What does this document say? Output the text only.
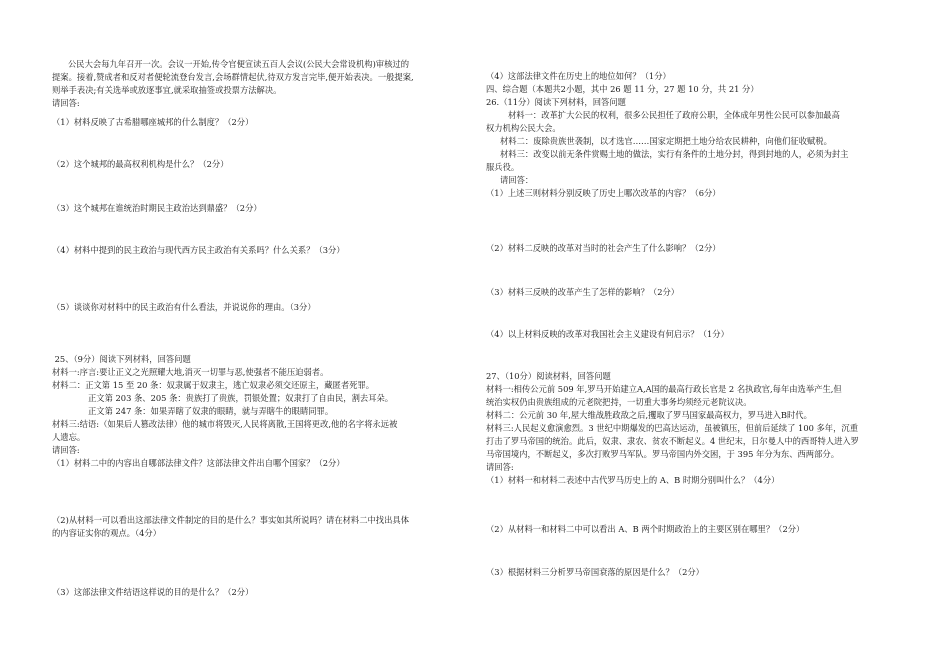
公民大会每九年召开一次。会议一开始,传令官便宣读五百人会议(公民大会常设机构)审核过的
提案。接着,赞成者和反对者便轮流登台发言,会场群情起伏,待双方发言完毕,便开始表决。一般提案,
则举手表决;有关选举或放逐事宜,就采取抽签或投票方法解决。
请回答:
（1）材料反映了古希腊哪座城邦的什么制度？（2分）
（2）这个城邦的最高权利机构是什么？（2分）
（3）这个城邦在谁统治时期民主政治达到鼎盛？（2分）
（4）材料中提到的民主政治与现代西方民主政治有关系吗？什么关系？（3分）
（5）谈谈你对材料中的民主政治有什么看法，并说说你的理由。（3分）
25、（9分）阅读下列材料，回答问题
材料一:序言:要让正义之光照耀大地,消灭一切罪与恶,使强者不能压迫弱者。
材料二：正文第 15 至 20 条：奴隶属于奴隶主，逃亡奴隶必须交还原主，藏匿者死罪。
正文第 203 条、205 条：贵族打了贵族，罚银处置；奴隶打了自由民，割去耳朵。
正文第 247 条：如果弄瞎了奴隶的眼睛，就与弄瞎牛的眼睛同罪。
材料三:结语:（如果后人篡改法律）他的城市将毁灭,人民将离散,王国将更改,他的名字将永远被
人遗忘。
请回答:
（1）材料二中的内容出自哪部法律文件？这部法律文件出自哪个国家？（2分）
（2)从材料一可以看出这部法律文件制定的目的是什么？事实如其所说吗？请在材料二中找出具体
的内容证实你的观点。（4分）
（3）这部法律文件结语这样说的目的是什么？（2分）
（4）这部法律文件在历史上的地位如何？（1分）
四、综合题（本题共2小题，其中 26 题 11 分，27 题 10 分，共 21 分）
26.（11分）阅读下列材料，回答问题
材料一：改革扩大公民的权利，很多公民担任了政府公职，全体成年男性公民可以参加最高
权力机构公民大会。
材料二：废除贵族世袭制，以才选官……国家定期把土地分给农民耕种，向他们征收赋税。
材料三：改变以前无条件赏赐土地的做法，实行有条件的土地分封，得到封地的人，必须为封主
服兵役。
请回答：
（1）上述三则材料分别反映了历史上哪次改革的内容？（6分）
（2）材料二反映的改革对当时的社会产生了什么影响？（2分）
（3）材料三反映的改革产生了怎样的影响？（2分）
（4）以上材料反映的改革对我国社会主义建设有何启示？（1分）
27、（10分）阅读材料，回答问题
材料一:相传公元前 509 年,罗马开始建立A,A国的最高行政长官是 2 名执政官,每年由选举产生,但
统治实权仍由贵族组成的元老院把持，一切重大事务均须经元老院议决。
材料二：公元前 30 年,屋大维战胜政敌之后,攫取了罗马国家最高权力，罗马进入B时代。
材料三:人民起义愈演愈烈。3 世纪中期爆发的巴高达运动，虽被镇压，但前后延续了 100 多年，沉重
打击了罗马帝国的统治。此后，奴隶、隶农、贫农不断起义。4 世纪末，日尔曼人中的西哥特人进入罗
马帝国境内，不断起义，多次打败罗马军队。罗马帝国内外交困，于 395 年分为东、西两部分。
请回答:
（1）材料一和材料二表述中古代罗马历史上的 A、B 时期分别叫什么？（4分）
（2）从材料一和材料二中可以看出 A、B 两个时期政治上的主要区别在哪里？（2分）
（3）根据材料三分析罗马帝国衰落的原因是什么？（2分）
